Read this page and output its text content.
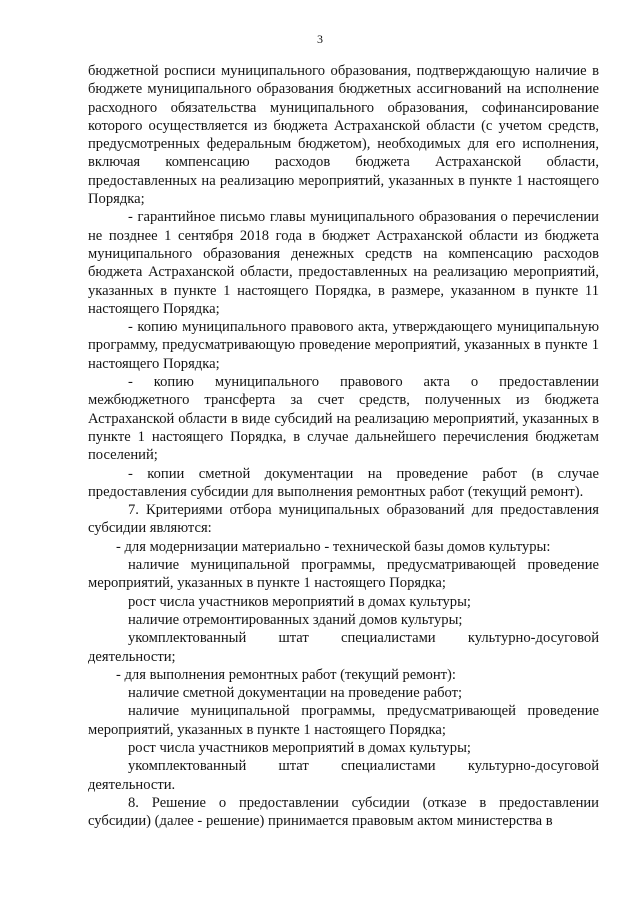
3

бюджетной росписи муниципального образования, подтверждающую наличие в бюджете муниципального образования бюджетных ассигнований на исполнение расходного обязательства муниципального образования, софинансирование которого осуществляется из бюджета Астраханской области (с учетом средств, предусмотренных федеральным бюджетом), необходимых для его исполнения, включая компенсацию расходов бюджета Астраханской области, предоставленных на реализацию мероприятий, указанных в пункте 1 настоящего Порядка;

- гарантийное письмо главы муниципального образования о перечислении не позднее 1 сентября 2018 года в бюджет Астраханской области из бюджета муниципального образования денежных средств на компенсацию расходов бюджета Астраханской области, предоставленных на реализацию мероприятий, указанных в пункте 1 настоящего Порядка, в размере, указанном в пункте 11 настоящего Порядка;

- копию муниципального правового акта, утверждающего муниципальную программу, предусматривающую проведение мероприятий, указанных в пункте 1 настоящего Порядка;

- копию муниципального правового акта о предоставлении межбюджетного трансферта за счет средств, полученных из бюджета Астраханской области в виде субсидий на реализацию мероприятий, указанных в пункте 1 настоящего Порядка, в случае дальнейшего перечисления бюджетам поселений;

- копии сметной документации на проведение работ (в случае предоставления субсидии для выполнения ремонтных работ (текущий ремонт).

7. Критериями отбора муниципальных образований для предоставления субсидии являются:

- для модернизации материально - технической базы домов культуры:

наличие муниципальной программы, предусматривающей проведение мероприятий, указанных в пункте 1 настоящего Порядка;

рост числа участников мероприятий в домах культуры;

наличие отремонтированных зданий домов культуры;

укомплектованный штат специалистами культурно-досуговой деятельности;

- для выполнения ремонтных работ (текущий ремонт):

наличие сметной документации на проведение работ;

наличие муниципальной программы, предусматривающей проведение мероприятий, указанных в пункте 1 настоящего Порядка;

рост числа участников мероприятий в домах культуры;

укомплектованный штат специалистами культурно-досуговой деятельности.

8. Решение о предоставлении субсидии (отказе в предоставлении субсидии) (далее - решение) принимается правовым актом министерства в
